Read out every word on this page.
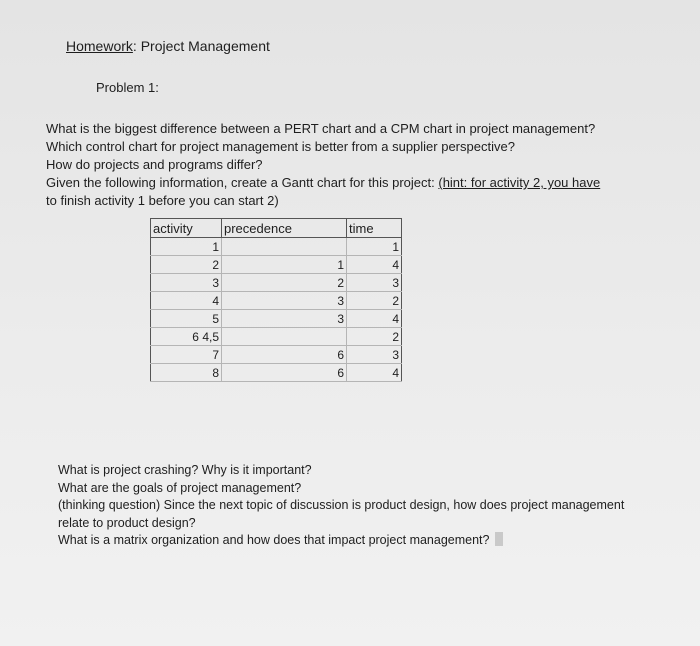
Homework: Project Management
Problem 1:

What is the biggest difference between a PERT chart and a CPM chart in project management?

Which control chart for project management is better from a supplier perspective?

How do projects and programs differ?

Given the following information, create a Gantt chart for this project: (hint: for activity 2, you have

to finish activity 1 before you can start 2)

activity	precedence	time
1		1
2	1	4
3	2	3
4	3	2
5	3	4
6 4,5		2
7	6	3
8	6	4

What is project crashing? Why is it important?

What are the goals of project management?

(thinking question) Since the next topic of discussion is product design, how does project management relate to product design?

What is a matrix organization and how does that impact project management?
